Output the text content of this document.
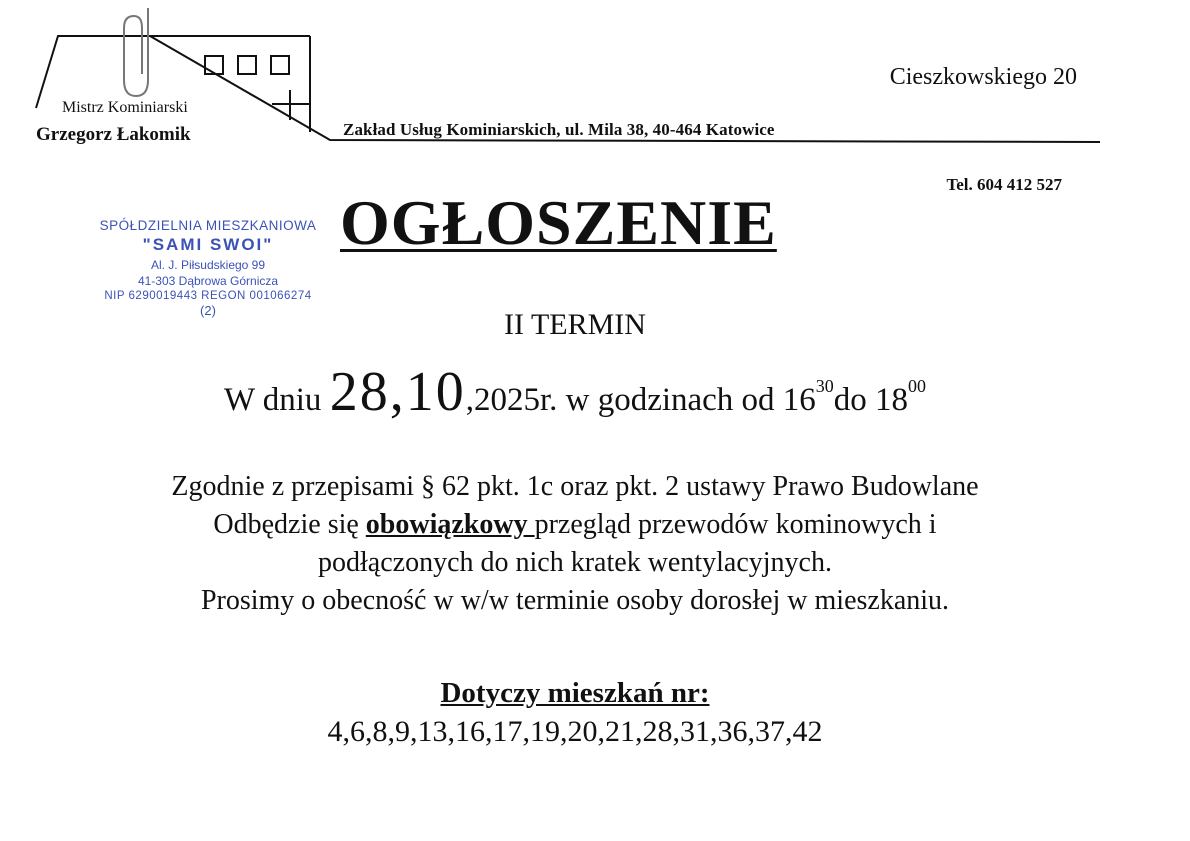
Mistrz Kominiarski
Grzegorz Łakomik
Cieszkowskiego 20
Zakład Usług Kominiarskich, ul. Mila 38, 40-464 Katowice
Tel. 604 412 527
SPÓŁDZIELNIA MIESZKANIOWA
"SAMI SWOI"
Al. J. Piłsudskiego 99
41-303 Dąbrowa Górnicza
NIP 6290019443 REGON 001066274
(2)
OGŁOSZENIE
II TERMIN
W dniu 28,10,2025r. w godzinach od $16^{30}do$ $18^{00}$
Zgodnie z przepisami § 62 pkt. 1c oraz pkt. 2 ustawy Prawo Budowlane
Odbędzie się obowiązkowy przegląd przewodów kominowych i
podłączonych do nich kratek wentylacyjnych.
Prosimy o obecność w w/w terminie osoby dorosłej w mieszkaniu.
Dotyczy mieszkań nr:
4,6,8,9,13,16,17,19,20,21,28,31,36,37,42
